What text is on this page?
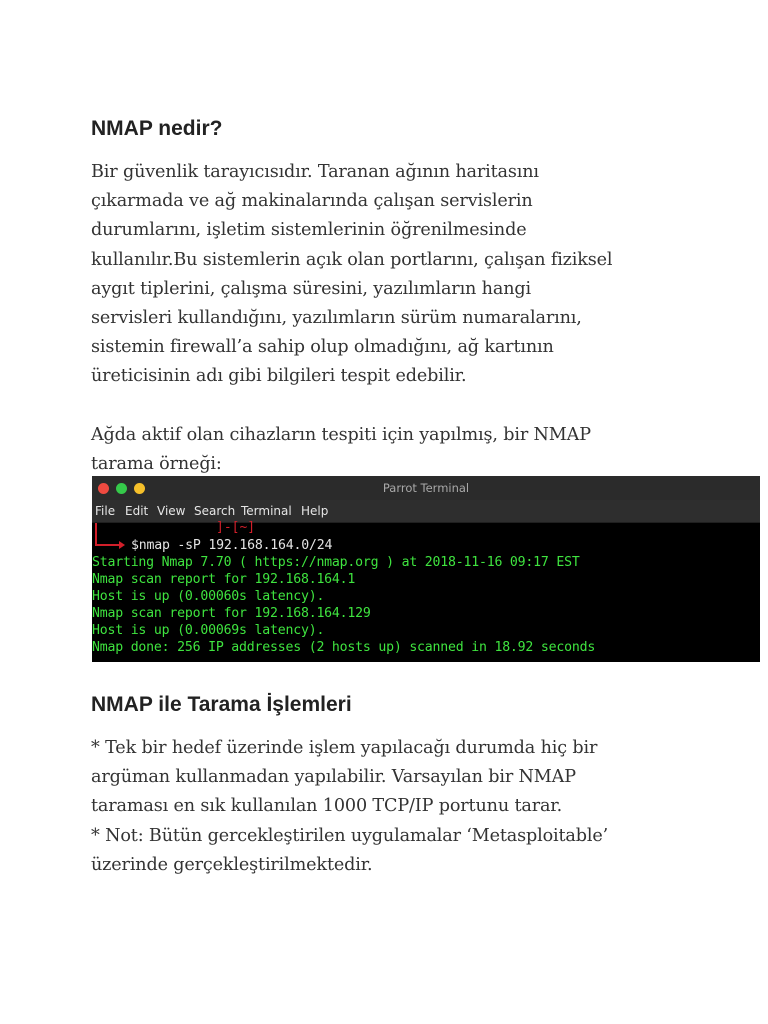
NMAP nedir?

Bir güvenlik tarayıcısıdır. Taranan ağının haritasını
çıkarmada ve ağ makinalarında çalışan servislerin
durumlarını, işletim sistemlerinin öğrenilmesinde
kullanılır.Bu sistemlerin açık olan portlarını, çalışan fiziksel
aygıt tiplerini, çalışma süresini, yazılımların hangi
servisleri kullandığını, yazılımların sürüm numaralarını,
sistemin firewall’a sahip olup olmadığını, ağ kartının
üreticisinin adı gibi bilgileri tespit edebilir.

Ağda aktif olan cihazların tespiti için yapılmış, bir NMAP
tarama örneği:

Parrot Terminal
File Edit View Search Terminal Help
]-[~]
$nmap -sP 192.168.164.0/24
Starting Nmap 7.70 ( https://nmap.org ) at 2018-11-16 09:17 EST
Nmap scan report for 192.168.164.1
Host is up (0.00060s latency).
Nmap scan report for 192.168.164.129
Host is up (0.00069s latency).
Nmap done: 256 IP addresses (2 hosts up) scanned in 18.92 seconds
NMAP ile Tarama İşlemleri

* Tek bir hedef üzerinde işlem yapılacağı durumda hiç bir
argüman kullanmadan yapılabilir. Varsayılan bir NMAP
taraması en sık kullanılan 1000 TCP/IP portunu tarar.
* Not: Bütün gerceklеştirilen uygulamalar ‘Metasploitable’
üzerinde gerçekleştirilmektedir.
